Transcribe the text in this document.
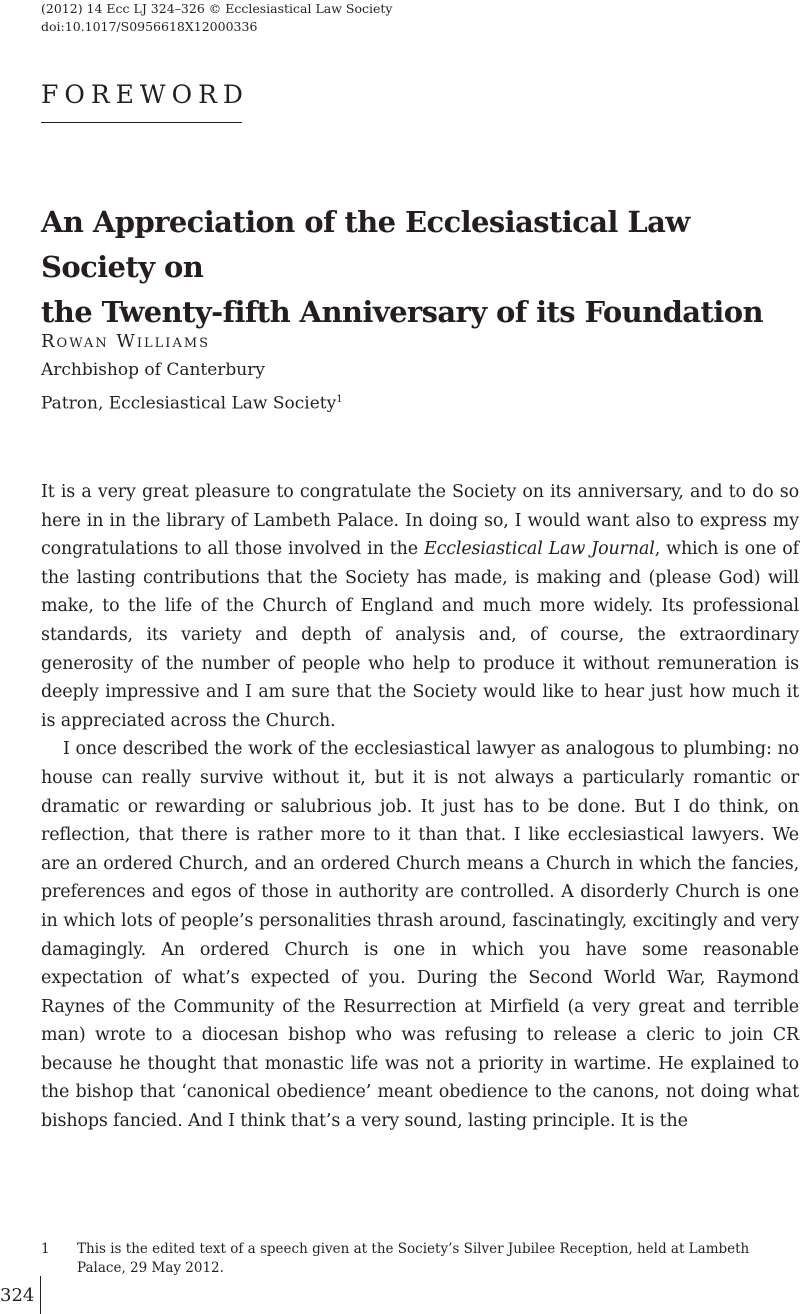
(2012) 14 Ecc LJ 324–326 © Ecclesiastical Law Society
doi:10.1017/S0956618X12000336
FOREWORD
An Appreciation of the Ecclesiastical Law Society on
the Twenty-fifth Anniversary of its Foundation
Rowan Williams
Archbishop of Canterbury
Patron, Ecclesiastical Law Society$^1$

It is a very great pleasure to congratulate the Society on its anniversary, and to do so here in in the library of Lambeth Palace. In doing so, I would want also to express my congratulations to all those involved in the Ecclesiastical Law Journal, which is one of the lasting contributions that the Society has made, is making and (please God) will make, to the life of the Church of England and much more widely. Its professional standards, its variety and depth of analysis and, of course, the extraordinary generosity of the number of people who help to produce it without remuneration is deeply impressive and I am sure that the Society would like to hear just how much it is appreciated across the Church.

I once described the work of the ecclesiastical lawyer as analogous to plumbing: no house can really survive without it, but it is not always a particularly romantic or dramatic or rewarding or salubrious job. It just has to be done. But I do think, on reflection, that there is rather more to it than that. I like ecclesiastical lawyers. We are an ordered Church, and an ordered Church means a Church in which the fancies, preferences and egos of those in authority are controlled. A disorderly Church is one in which lots of people’s personalities thrash around, fascinatingly, excitingly and very damagingly. An ordered Church is one in which you have some reasonable expectation of what’s expected of you. During the Second World War, Raymond Raynes of the Community of the Resurrection at Mirfield (a very great and terrible man) wrote to a diocesan bishop who was refusing to release a cleric to join CR because he thought that monastic life was not a priority in wartime. He explained to the bishop that ‘canonical obedience’ meant obedience to the canons, not doing what bishops fancied. And I think that’s a very sound, lasting principle. It is the

1 This is the edited text of a speech given at the Society’s Silver Jubilee Reception, held at Lambeth Palace, 29 May 2012.
324
